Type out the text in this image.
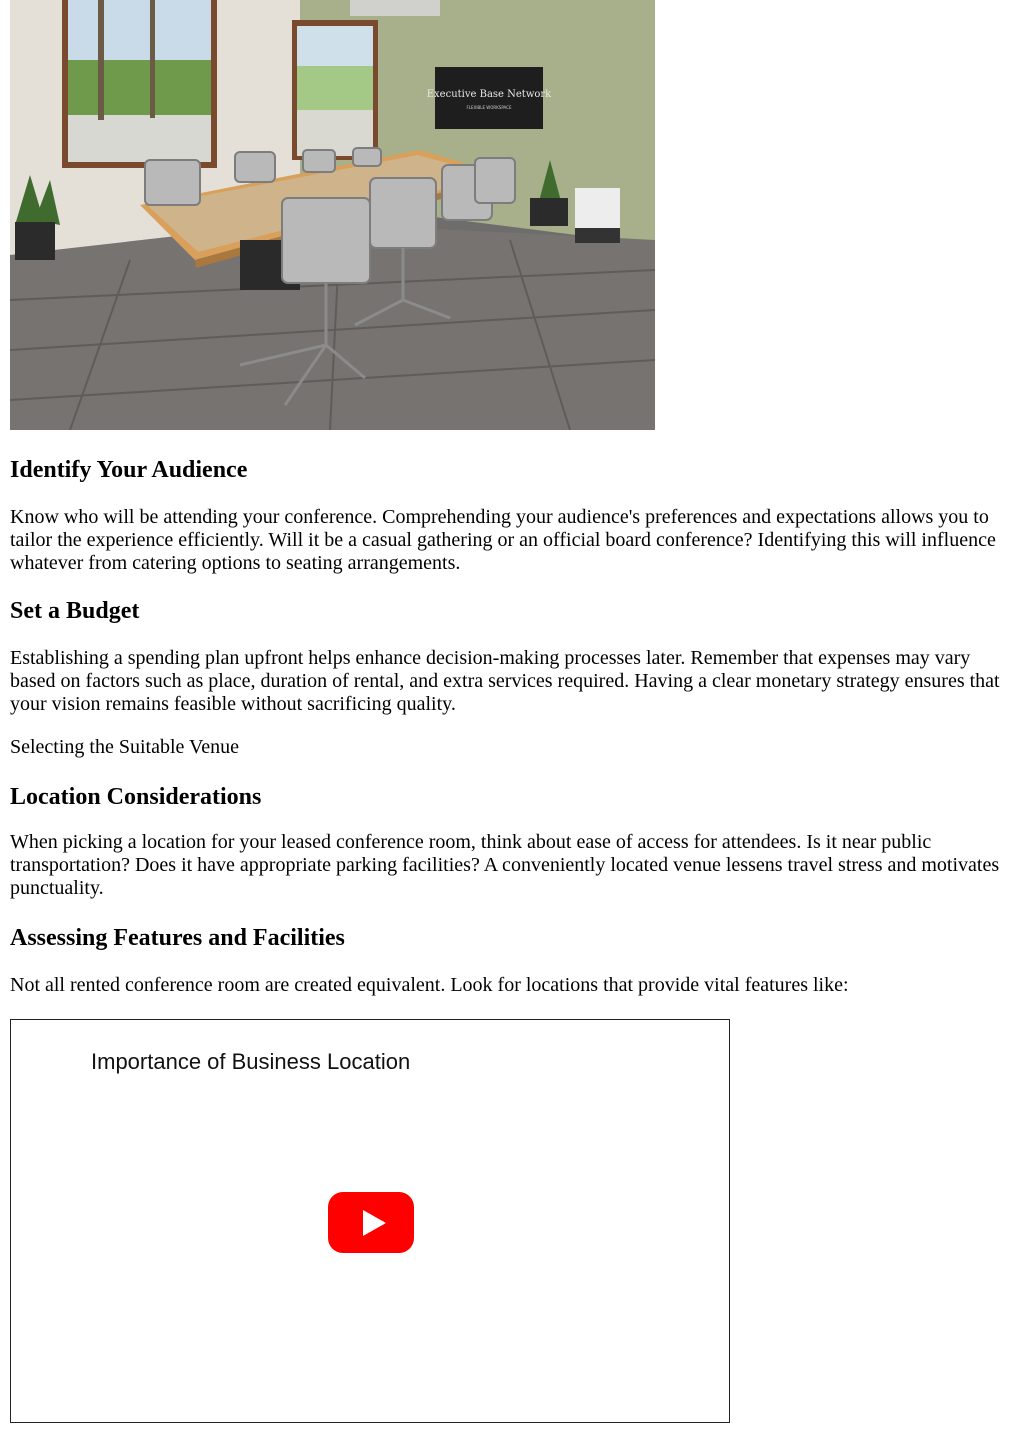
Executive Base Network
FLEXIBLE WORKSPACE
Identify Your Audience

Know who will be attending your conference. Comprehending your audience's preferences and expectations allows you to tailor the experience efficiently. Will it be a casual gathering or an official board conference? Identifying this will influence whatever from catering options to seating arrangements.

Set a Budget

Establishing a spending plan upfront helps enhance decision-making processes later. Remember that expenses may vary based on factors such as place, duration of rental, and extra services required. Having a clear monetary strategy ensures that your vision remains feasible without sacrificing quality.

Selecting the Suitable Venue

Location Considerations

When picking a location for your leased conference room, think about ease of access for attendees. Is it near public transportation? Does it have appropriate parking facilities? A conveniently located venue lessens travel stress and motivates punctuality.

Assessing Features and Facilities

Not all rented conference room are created equivalent. Look for locations that provide vital features like:

Importance of Business Location
